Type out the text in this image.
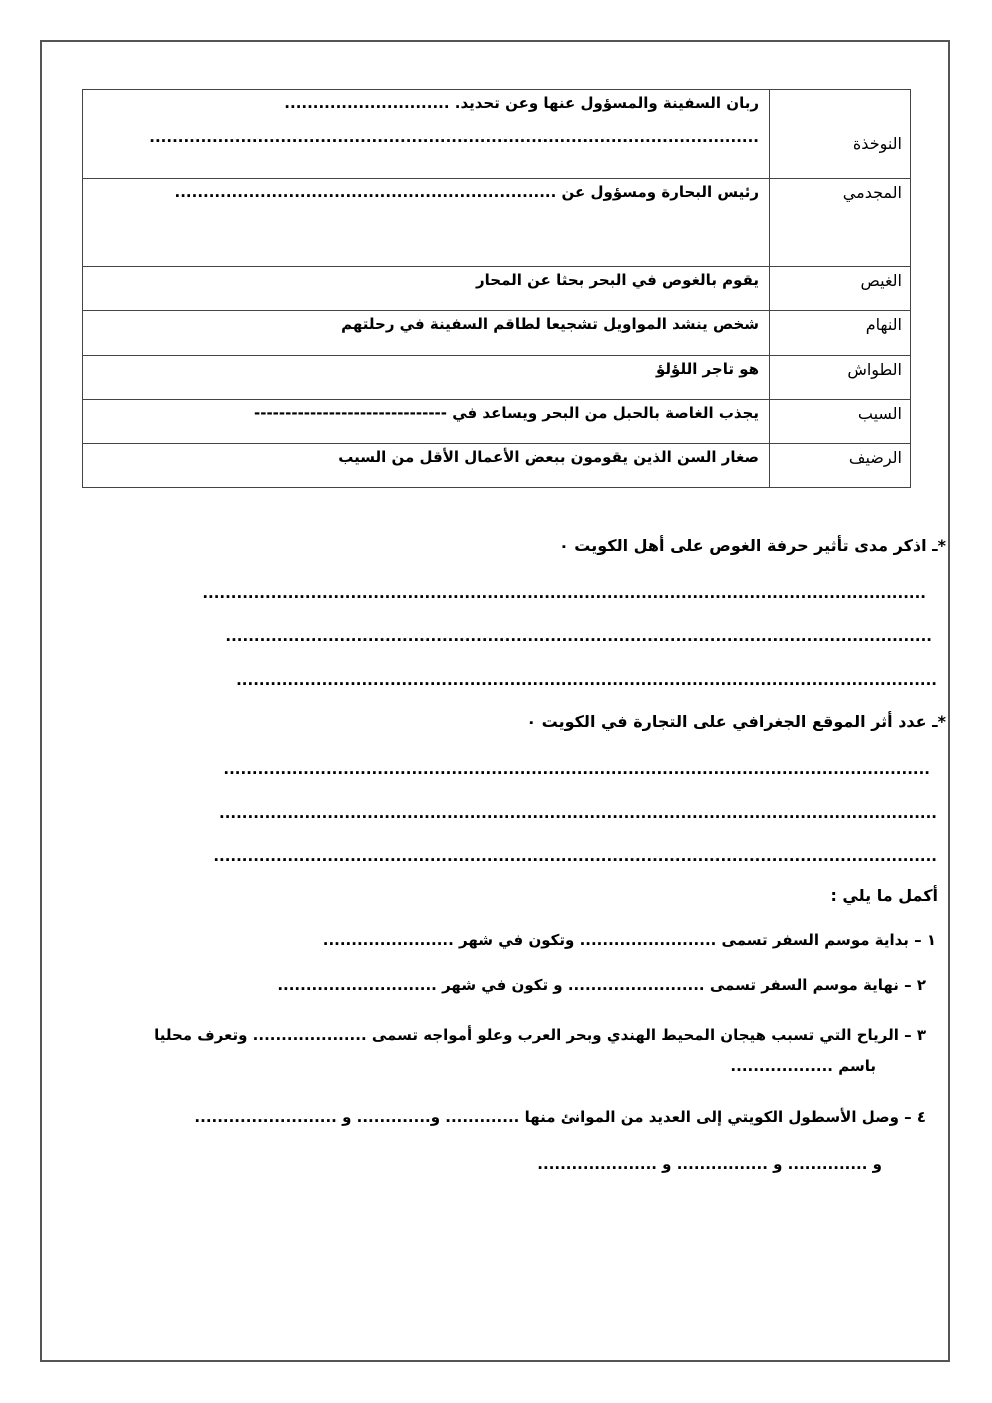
النوخذة	ربان السفينة والمسؤول عنها وعن تحديد. .............................
...........................................................................................................

المجدمي	رئيس البحارة ومسؤول عن ...................................................................

الغيص	يقوم بالغوص في البحر بحثا عن المحار

النهام	شخص ينشد المواويل تشجيعا لطاقم السفينة في رحلتهم

الطواش	هو تاجر اللؤلؤ

السيب	يجذب الغاصة بالحبل من البحر ويساعد في -------------------------------

الرضيف	صغار السن الذين يقومون ببعض الأعمال الأقل من السيب
*ـ اذكر مدى تأثير حرفة الغوص على أهل الكويت ٠
...............................................................................................................................
............................................................................................................................
...........................................................................................................................
*ـ عدد أثر الموقع الجغرافي على التجارة في الكويت ٠
............................................................................................................................
..............................................................................................................................
...............................................................................................................................
أكمل ما يلي :
١ – بداية موسم السفر تسمى ........................ وتكون في شهر .......................
٢ – نهاية موسم السفر تسمى ........................ و تكون في شهر ............................
٣ – الرياح التي تسبب هيجان المحيط الهندي وبحر العرب وعلو أمواجه تسمى .................... وتعرف محليا
باسم ..................
٤ – وصل الأسطول الكويتي إلى العديد من الموانئ منها ............. و............. و .........................
و .............. و ................ و .....................
